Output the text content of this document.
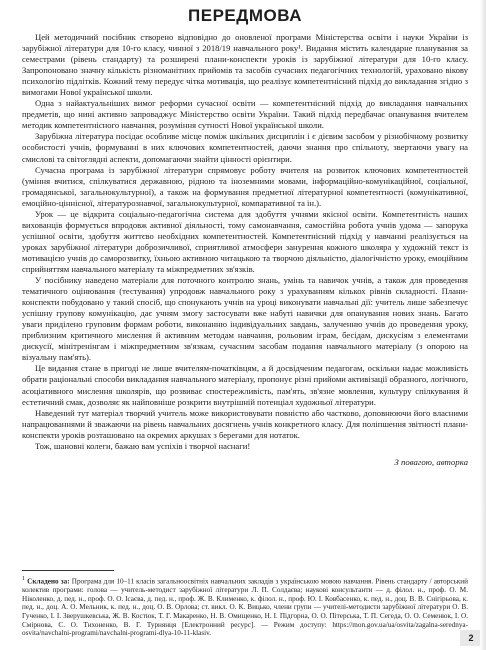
ПЕРЕДМОВА

Цей методичний посібник створено відповідно до оновленої програми Міністерства освіти і науки України із зарубіжної літератури для 10-го класу, чинної з 2018/19 навчального року¹. Видання містить календарне планування за семестрами (рівень стандарту) та розширені плани-конспекти уроків із зарубіжної літератури для 10-го класу. Запропоновано значну кількість різноманітних прийомів та засобів сучасних педагогічних технологій, ураховано вікову психологію підлітків. Кожний тему передує чітка мотивація, що реалізує компетентнісний підхід до викладання згідно з вимогами Нової української школи.

Одна з найактуальніших вимог реформи сучасної освіти — компетентнісний підхід до викладання навчальних предметів, що нині активно запроваджує Міністерство освіти України. Такий підхід передбачає опанування вчителем методик компетентнісного навчання, розуміння сутності Нової української школи.

Зарубіжна література посідає особливе місце поміж шкільних дисциплін і є дієвим засобом у різнобічному розвитку особистості учнів, формуванні в них ключових компетентностей, даючи знання про спільноту, звертаючи увагу на смислові та світоглядні аспекти, допомагаючи знайти цінності орієнтири.

Сучасна програма із зарубіжної літератури спрямовує роботу вчителя на розвиток ключових компетентностей (уміння вчитися, спілкуватися державною, рідною та іноземними мовами, інформаційно-комунікаційної, соціальної, громадянської, загальнокультурної), а також на формування предметної літературної компетентності (комунікативної, емоційно-ціннісної, літературознавчої, загальнокультурної, компаративної та ін.).

Урок — це відкрита соціально-педагогічна система для здобуття учнями якісної освіти. Компетентність наших вихованців формується впродовж активної діяльності, тому самонавчання, самостійна робота учнів удома — запорука успішної освіти, здобуття життєво необхідних компетентностей. Компетентнісний підхід у навчанні реалізується на уроках зарубіжної літератури доброзичливої, сприятливої атмосфери занурення кожного школяра у художній текст із мотивацією учнів до саморозвитку, їхньою активною читацькою та творчою діяльністю, діалогічністю уроку, емоційним сприйняттям навчального матеріалу та міжпредметних зв'язків.

У посібнику наведено матеріали для поточного контролю знань, умінь та навичок учнів, а також для проведення тематичного оцінювання (тестування) упродовж навчального року з урахуванням кількох рівнів складності. Плани-конспекти побудовано у такий спосіб, що спонукають учнів на уроці виконувати навчальні дії: учитель лише забезпечує успішну групову комунікацію, дає учням змогу застосувати вже набуті навички для опанування нових знань. Багато уваги приділено груповим формам роботи, виконанню індивідуальних завдань, залученню учнів до проведення уроку, приблизним критичного мислення й активним методам навчання, рольовим іграм, бесідам, дискусіям з елементами дискусії, мінітренінгам і міжпредметним зв'язкам, сучасним засобам подання навчального матеріалу (з опорою на візуальну пам'ять).

Це видання стане в пригоді не лише вчителям-початківцям, а й досвідченим педагогам, оскільки надає можливість обрати раціональні способи викладання навчального матеріалу, пропонує різні прийоми активізації образного, логічного, асоціативного мислення школярів, що розвиває спостережливість, пам'ять, зв'язне мовлення, культуру спілкування й естетичний смак, дозволяє як найповніше розкрити внутрішній потенціал художньої літератури.

Наведений тут матеріал творчий учитель може використовувати повністю або частково, доповнюючи його власними напрацюваннями й зважаючи на рівень навчальних досягнень учнів конкретного класу. Для поліпшення звітності плани-конспекти уроків розташовано на окремих аркушах з берегами для нотаток.

Тож, шановні колеги, бажаю вам успіхів і творчої наснаги!

З повагою, авторка
$^1$ Складено за: Програма для 10–11 класів загальноосвітніх навчальних закладів з українською мовою навчання. Рівень стандарту / авторський колектив програми: голова — учитель-методист зарубіжної літератури Л. П. Солдаєва; наукові консультанти — д. філол. н., проф. О. М. Ніколенко, д. пед. н., проф. О. О. Ісаєва, д. пед. н., проф. Ж. В. Клименко, к. філол. н., проф. Ю. І. Ковбасенко, к. пед. н., доц. В. В. Снігірьова, к. пед. н., доц. А. О. Мельник, к. пед. н., доц. О. В. Орлова; ст. викл. О. К. Вицько, члени групи — учителі-методисти зарубіжної літератури О. В. Гученко, І. І. Зверушкевська, Ж. В. Костюк, Т. Г. Макаренко, Н. В. Омищенко, Н. І. Підгорна, О. О. Пітерська, Т. П. Сегеда, О. О. Семенюк, І. О. Смірнова, С. О. Тихоненко, В. Г. Турнянця [Електронний ресурс]. — Режим доступу: https://mon.gov.ua/ua/osvita/zagalna-serednya-osvita/navchalni-programi/navchalni-programi-dlya-10-11-klasiv.	2
